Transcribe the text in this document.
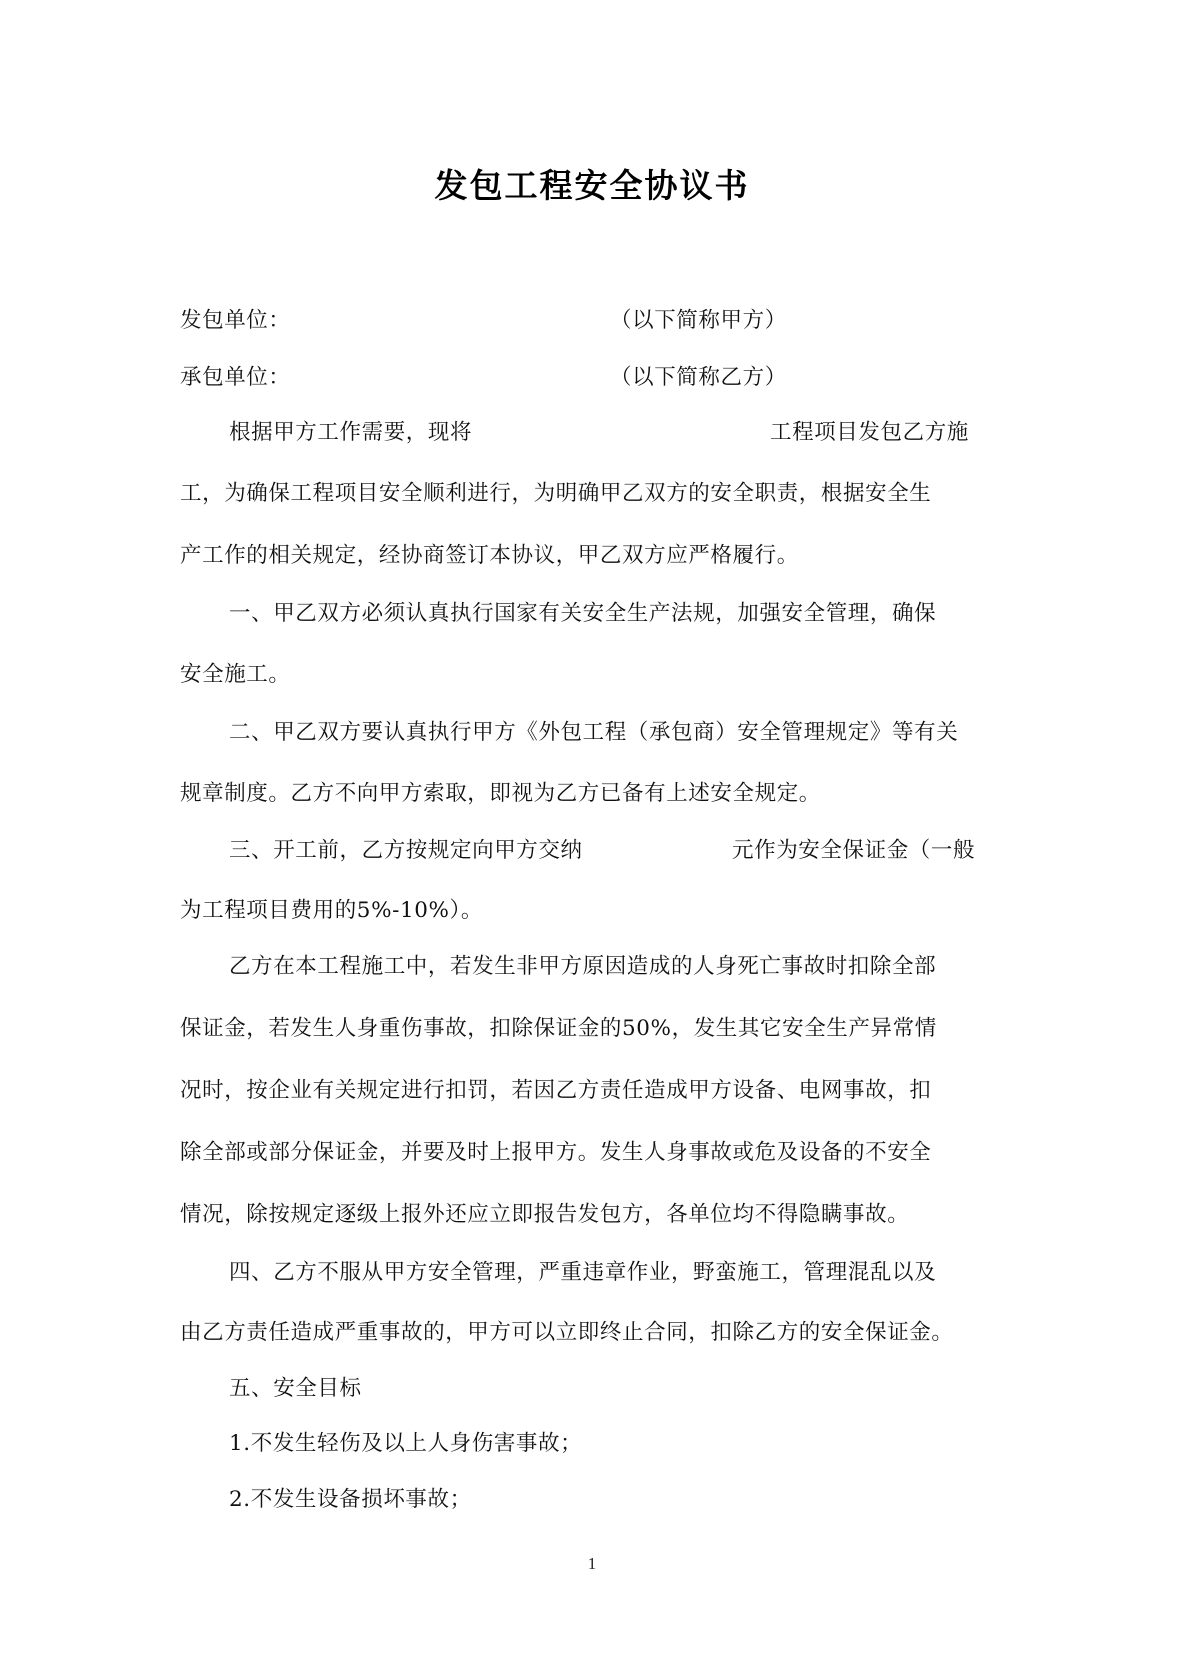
发包工程安全协议书
发包单位：	（以下简称甲方）
承包单位：	（以下简称乙方）
根据甲方工作需要，现将	工程项目发包乙方施
工，为确保工程项目安全顺利进行，为明确甲乙双方的安全职责，根据安全生
产工作的相关规定，经协商签订本协议，甲乙双方应严格履行。
一、甲乙双方必须认真执行国家有关安全生产法规，加强安全管理，确保
安全施工。
二、甲乙双方要认真执行甲方《外包工程（承包商）安全管理规定》等有关
规章制度。乙方不向甲方索取，即视为乙方已备有上述安全规定。
三、开工前，乙方按规定向甲方交纳	元作为安全保证金（一般
为工程项目费用的5%-10%）。
乙方在本工程施工中，若发生非甲方原因造成的人身死亡事故时扣除全部
保证金，若发生人身重伤事故，扣除保证金的50%，发生其它安全生产异常情
况时，按企业有关规定进行扣罚，若因乙方责任造成甲方设备、电网事故，扣
除全部或部分保证金，并要及时上报甲方。发生人身事故或危及设备的不安全
情况，除按规定逐级上报外还应立即报告发包方，各单位均不得隐瞒事故。
四、乙方不服从甲方安全管理，严重违章作业，野蛮施工，管理混乱以及
由乙方责任造成严重事故的，甲方可以立即终止合同，扣除乙方的安全保证金。
五、安全目标
1.不发生轻伤及以上人身伤害事故；
2.不发生设备损坏事故；
1
